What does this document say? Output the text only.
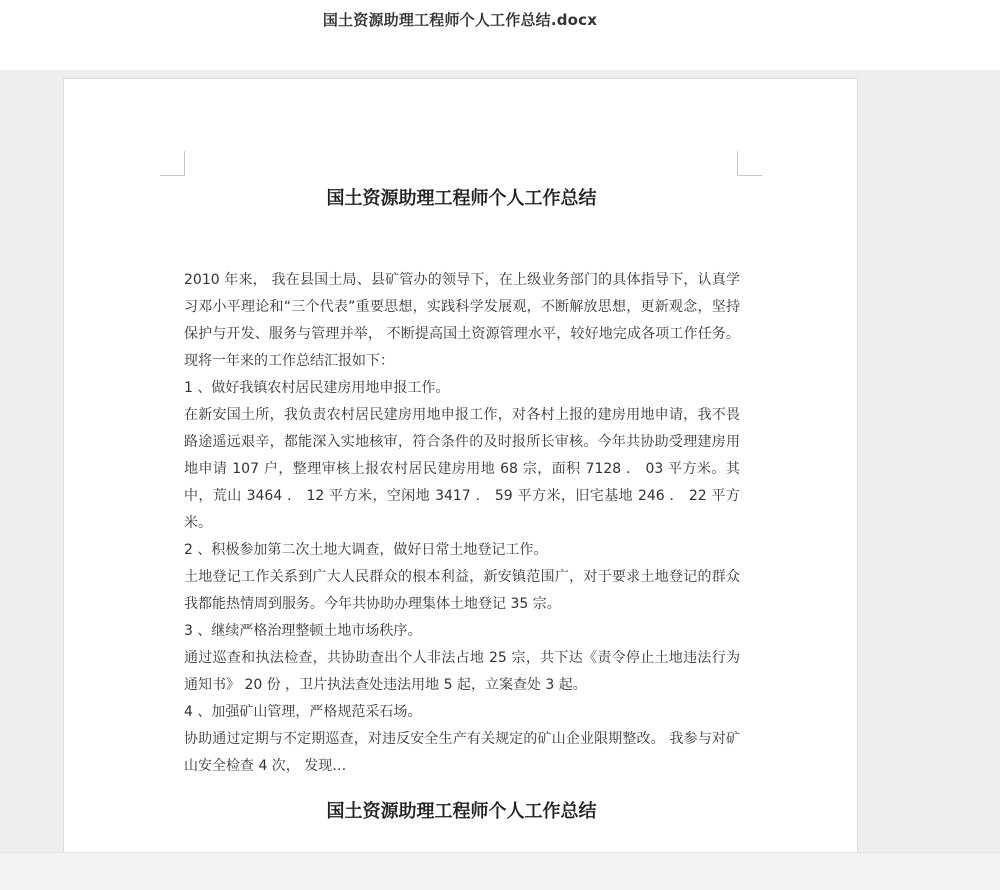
国土资源助理工程师个人工作总结.docx
国土资源助理工程师个人工作总结

2010 年来， 我在县国土局、县矿管办的领导下，在上级业务部门的具体指导下，认真学习邓小平理论和“三个代表”重要思想，实践科学发展观，不断解放思想，更新观念，坚持保护与开发、服务与管理并举， 不断提高国土资源管理水平，较好地完成各项工作任务。 现将一年来的工作总结汇报如下：

1 、做好我镇农村居民建房用地申报工作。

在新安国土所，我负责农村居民建房用地申报工作，对各村上报的建房用地申请，我不畏路途遥远艰辛，都能深入实地核审，符合条件的及时报所长审核。今年共协助受理建房用地申请 107 户，整理审核上报农村居民建房用地 68 宗，面积 7128 ． 03 平方米。其中，荒山 3464 ． 12 平方米，空闲地 3417 ． 59 平方米，旧宅基地 246 ． 22 平方米。

2 、积极参加第二次土地大调查，做好日常土地登记工作。

土地登记工作关系到广大人民群众的根本利益，新安镇范围广，对于要求土地登记的群众我都能热情周到服务。今年共协助办理集体土地登记 35 宗。

3 、继续严格治理整顿土地市场秩序。

通过巡查和执法检查，共协助查出个人非法占地 25 宗，共下达《责令停止土地违法行为通知书》 20 份 ，卫片执法查处违法用地 5 起，立案查处 3 起。

4 、加强矿山管理，严格规范采石场。

协助通过定期与不定期巡查，对违反安全生产有关规定的矿山企业限期整改。 我参与对矿山安全检查 4 次， 发现…

国土资源助理工程师个人工作总结
